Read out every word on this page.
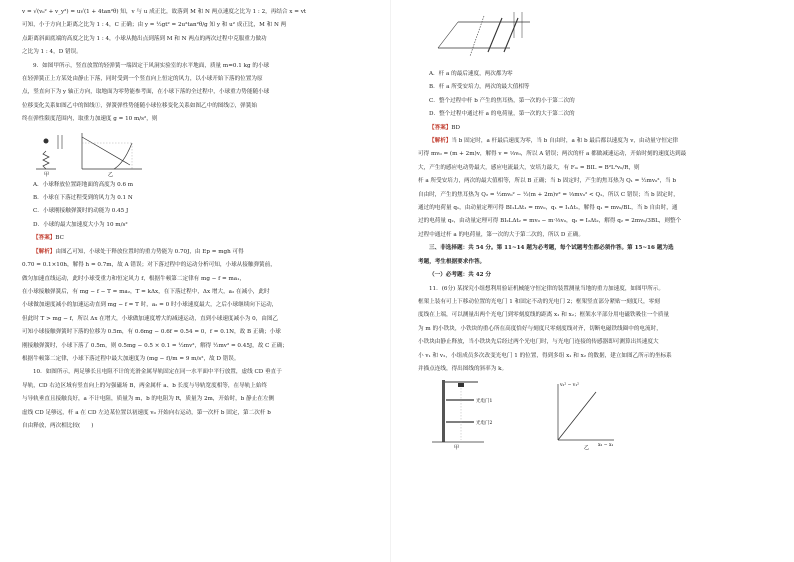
v = √(v₀² + v_y²) = u√(1 + 4tan²θ) 知，v 与 u 成正比，故落到 M 和 N 两点速度之比为 1 : 2，再结合 x = vt

可知，小于方向上距离之比为 1 : 4，C 正确；由 y = ½gt² = 2u²tan²θ/g 知 y 和 u² 成正比，M 和 N 两

点距离斜面底端的高度之比为 1 : 4，小球从抛出点到落到 M 和 N 两点的两次过程中克服重力做功

之比为 1 : 4，D 错误。

9．如图甲所示，竖直放置的轻弹簧一端固定于风洞实验室的水平地面，质量 m=0.1 kg 的小球

在轻弹簧正上方某处由静止下落，同时受到一个竖直向上恒定的风力，以小球开始下落的位置为原

点，竖直向下为 y 轴正方向，取地面为零势能参考面，在小球下落的全过程中，小球重力势能随小球

位移变化关系如图乙中的图线①，弹簧弹性势能随小球位移变化关系如图乙中的图线②，弹簧始

终在弹性限度范围内，取重力加速度 g = 10 m/s²，则

甲	乙

A．小球释放位置距地面的高度为 0.6 m

B．小球在下落过程受到的风力为 0.1 N

C．小球刚接触弹簧时的动能为 0.45 J

D．小球的最大加速度大小为 10 m/s²

【答案】BC

【解析】由图乙可知，小球处于释放位置时的重力势能为 0.70J，由 Ep = mgh 可得

0.70 = 0.1×10h，解得 h = 0.7m，故 A 错误；对下落过程中的运动分析可知，小球从接触弹簧前，

做匀加速直线运动，此时小球受重力和恒定风力 f，根据牛顿第二定律有 mg − f = ma₁，

在小球接触弹簧后，有 mg − f − T = ma₂，T = kΔx，在下落过程中，Δx 增大，a₂ 在减小，此时

小球做加速度减小的加速运动直到 mg − f = T 时，a₂ = 0 时小球速度最大，之后小球继续向下运动，

但此时 T > mg − f，所以 Δx 在增大，小球做加速度增大的减速运动，直到小球速度减小为 0，由图乙

可知小球接触弹簧时下落的位移为 0.5m，有 0.6mg − 0.6f = 0.54 = 0，f = 0.1N，故 B 正确；小球

刚接触弹簧时，小球下落了 0.5m，则 0.5mg − 0.5 × 0.1 = ½mv²，解得 ½mv² = 0.45J，故 C 正确；

根据牛顿第二定律，小球下落过程中最大加速度为 (mg − f)/m = 9 m/s²，故 D 错误。

10．如图所示，两足够长且电阻不计的光滑金属导轨固定在同一水平面中平行放置，虚线 CD 垂直于

导轨，CD 右边区域有竖直向上的匀强磁场 B，两金属杆 a、b 长度与导轨宽度相等，在导轨上始终

与导轨垂直且接触良好，a 不计电阻，质量为 m，b 的电阻为 R，质量为 2m，开始时，b 静止在左侧

虚线 CD 足够远，杆 a 在 CD 左边某位置以初速度 v₀ 开始向右运动，第一次杆 b 固定，第二次杆 b

自由释放，两次相比较(　　)

A．杆 a 的最后速度，两次都为零

B．杆 a 所受安培力，两次的最大值相等

C．整个过程中杆 b 产生的焦耳热，第一次的小于第二次的

D．整个过程中通过杆 a 的电荷量，第一次的大于第二次的

【答案】BD

【解析】当 b 固定时，a 杆最后速度为零，当 b 自由时，a 和 b 最后都以速度为 v，由动量守恒定律

可得 mv₀ = (m + 2m)v，解得 v = ⅓v₀，所以 A 错误；两次的杆 a 都做减速运动，开始时刻的速度达到最

大，产生的感应电动势最大，感应电流最大，安培力最大，有 Fₘ = BIL = B²L²v₀/R，则

杆 a 所受安培力，两次的最大值相等，所以 B 正确；当 b 固定时，产生的焦耳热为 Q₁ = ½mv₀²，当 b

自由时，产生的焦耳热为 Q₂ = ½mv₀² − ½(m + 2m)v² = ⅓mv₀² < Q₁，所以 C 错误；当 b 固定时，

通过的电荷量 q₁，由动量定理可得 BI₁LΔt₁ = mv₀，q₁ = I₁Δt₁，解得 q₁ = mv₀/BL，当 b 自由时，通

过的电荷量 q₂，由动量定理可得 BI₂LΔt₂ = mv₀ − m·⅓v₀，q₂ = I₂Δt₂，解得 q₂ = 2mv₀/3BL，则整个

过程中通过杆 a 的电荷量，第一次的大于第二次的，所以 D 正确。

三、非选择题：共 54 分。第 11~14 题为必考题，每个试题考生都必须作答。第 15~16 题为选

考题，考生根据要求作答。

（一）必考题：共 42 分

11．(6分) 某探究小组想利用验证机械能守恒定律的装置测量当地的重力加速度，如图甲所示。

框架上装有可上下移动位置的光电门 1 和固定不动的光电门 2；框架竖直部分紧贴一刻度尺，零刻

度线在上端，可以测量出两个光电门到零刻度线的距离 x₁ 和 x₂；框架水平部分用电磁铁吸住一个质量

为 m 的小铁块，小铁块的重心所在高度恰好与刻度尺零刻度线对齐，切断电磁铁线圈中的电流时，

小铁块由静止释放，当小铁块先后经过两个光电门时，与光电门连接的传感器即可测算出其速度大

小 v₁ 和 v₂，小组成员多次改变光电门 1 的位置，得到多组 x₁ 和 x₂ 的数据，建立如图乙所示的坐标系

并描点连线，得出图线的斜率为 k。

光电门1
光电门2
甲
v₂² − v₁²
x₂ − x₁
乙
